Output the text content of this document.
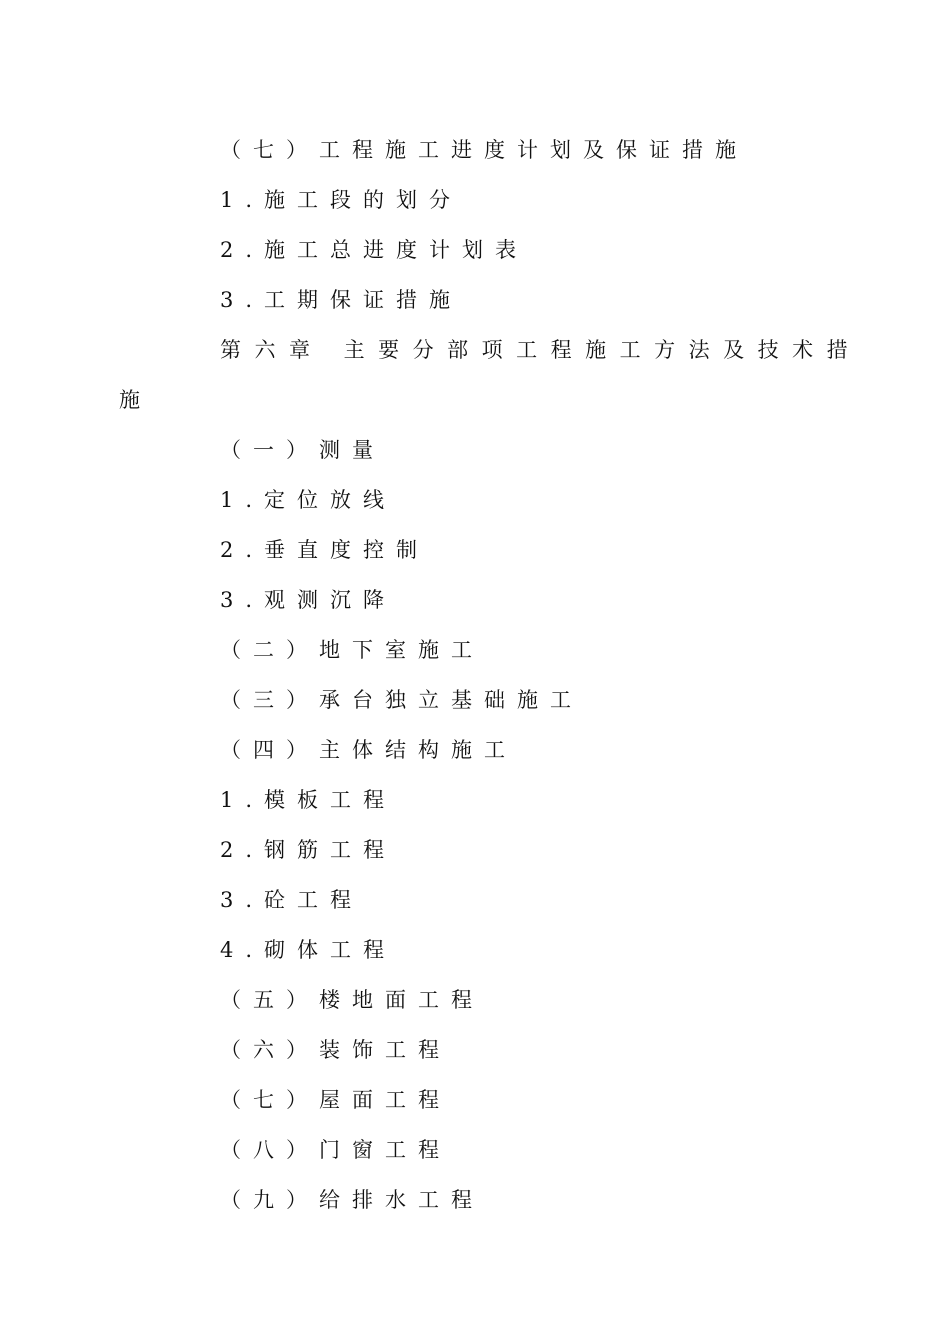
（七）工程施工进度计划及保证措施
1.施工段的划分
2.施工总进度计划表
3.工期保证措施
第六章 主要分部项工程施工方法及技术措
施
（一）测量
1.定位放线
2.垂直度控制
3.观测沉降
（二）地下室施工
（三）承台独立基础施工
（四）主体结构施工
1.模板工程
2.钢筋工程
3.砼工程
4.砌体工程
（五）楼地面工程
（六）装饰工程
（七）屋面工程
（八）门窗工程
（九）给排水工程
